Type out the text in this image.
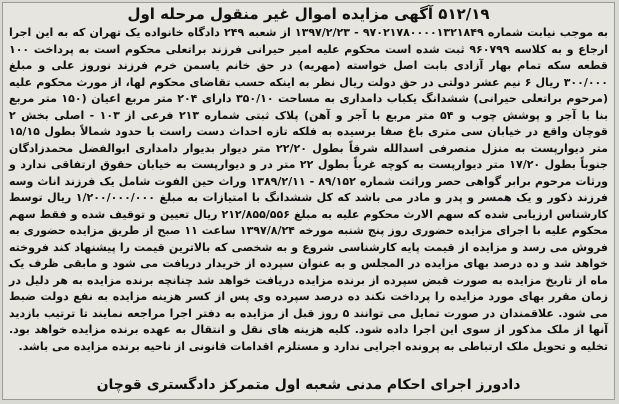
۵۱۲/۱۹ آگهی مزایده اموال غیر منقول مرحله اول

به موجب نیابت شماره ۹۷۰۲۱۷۸۰۰۰۰۱۳۲۱۸۴۹ - ۱۳۹۷/۲/۲۳ از شعبه ۲۴۹ دادگاه خانواده یک تهران که به این اجرا ارجاع و به کلاسه ۹۶۰۷۹۹ ثبت شده است محکوم علیه امیر حیرانی فرزند براتعلی محکوم است به پرداخت ۱۰۰ قطعه سکه تمام بهار آزادی بابت اصل خواسته (مهریه) در حق خانم یاسمن خرم فرزند نوروز علی و مبلغ ۳۰۰/۰۰۰ ریال ۶ نیم عشر دولتی در حق دولت ریال نظر به اینکه حسب تقاضای محکوم لها، از مورث محکوم علیه (مرحوم براتعلی حیرانی) ششدانگ یکباب دامداری به مساحت ۳۵۰/۱۰ دارای ۲۰۴ متر مربع اعیان (۱۵۰ متر مربع بنا با آجر و پوشش چوب و ۵۴ متر مربع با آجر و آهن) پلاک ثبتی شماره ۲۱۳ فرعی از ۱۰۳ - اصلی بخش ۲ قوچان واقع در خیابان سی متری باغ صفا برسیده به فلکه تازه احداث دست راست با حدود شمالاً بطول ۱۵/۱۵ متر دیوارپست به منزل متصرفی اسدالله شرقاً بطول ۲۲/۲۰ متر دیوار بدیوار دامداری ابوالفضل محمدزادگان جنوباً بطول ۱۷/۲۰ متر دیوارپست به کوچه غرباً بطول ۲۲ متر در و دیوارپست به خیابان حقوق ارتفاقی ندارد و ورثات مرحوم برابر گواهی حصر وراثت شماره ۸۹/۱۵۲ - ۱۳۸۹/۲/۱۱ وراث حین الفوت شامل یک فرزند اناث وسه فرزند ذکور و یک همسر و پدر و مادر می باشد که کل ششدانگ با امتیازات به مبلغ ۱/۲۰۰/۰۰۰/۰۰۰ ریال توسط کارشناس ارزیابی شده که سهم الارث محکوم علیه به مبلغ ۲۱۲/۸۵۵/۵۵۶ ریال تعیین و توقیف شده و فقط سهم محکوم علیه با اجرای مزایده حضوری روز پنج شنبه مورخه ۱۳۹۷/۸/۲۴ ساعت ۱۱ صبح از طریق مزایده حضوری به فروش می رسد و مزایده از قیمت پایه کارشناسی شروع و به شخصی که بالاترین قیمت را پیشنهاد کند فروخته خواهد شد و ده درصد بهای مزایده در المجلس و به عنوان سپرده از خریدار دریافت می شود و مابقی ظرف یک ماه از تاریخ مزایده به صورت قبض سپرده از برنده مزایده دریافت خواهد شد چنانچه برنده مزایده به هر دلیل در زمان مقرر بهای مورد مزایده را پرداخت نکند ده درصد سپرده وی پس از کسر هزینه مزایده به نفع دولت ضبط می شود. علاقمندان در صورت تمایل می توانند ۵ روز قبل از مزایده به دفتر اجرا مراجعه نمایند تا ترتیب بازدید آنها از ملک مذکور از سوی این اجرا داده شود. کلیه هزینه های نقل و انتقال به عهده برنده مزایده خواهد بود. تخلیه و تحویل ملک ارتباطی به پرونده اجرایی ندارد و مستلزم اقدامات قانونی از ناحیه برنده مزایده می باشد.

دادورز اجرای احکام مدنی شعبه اول متمرکز دادگستری قوچان
